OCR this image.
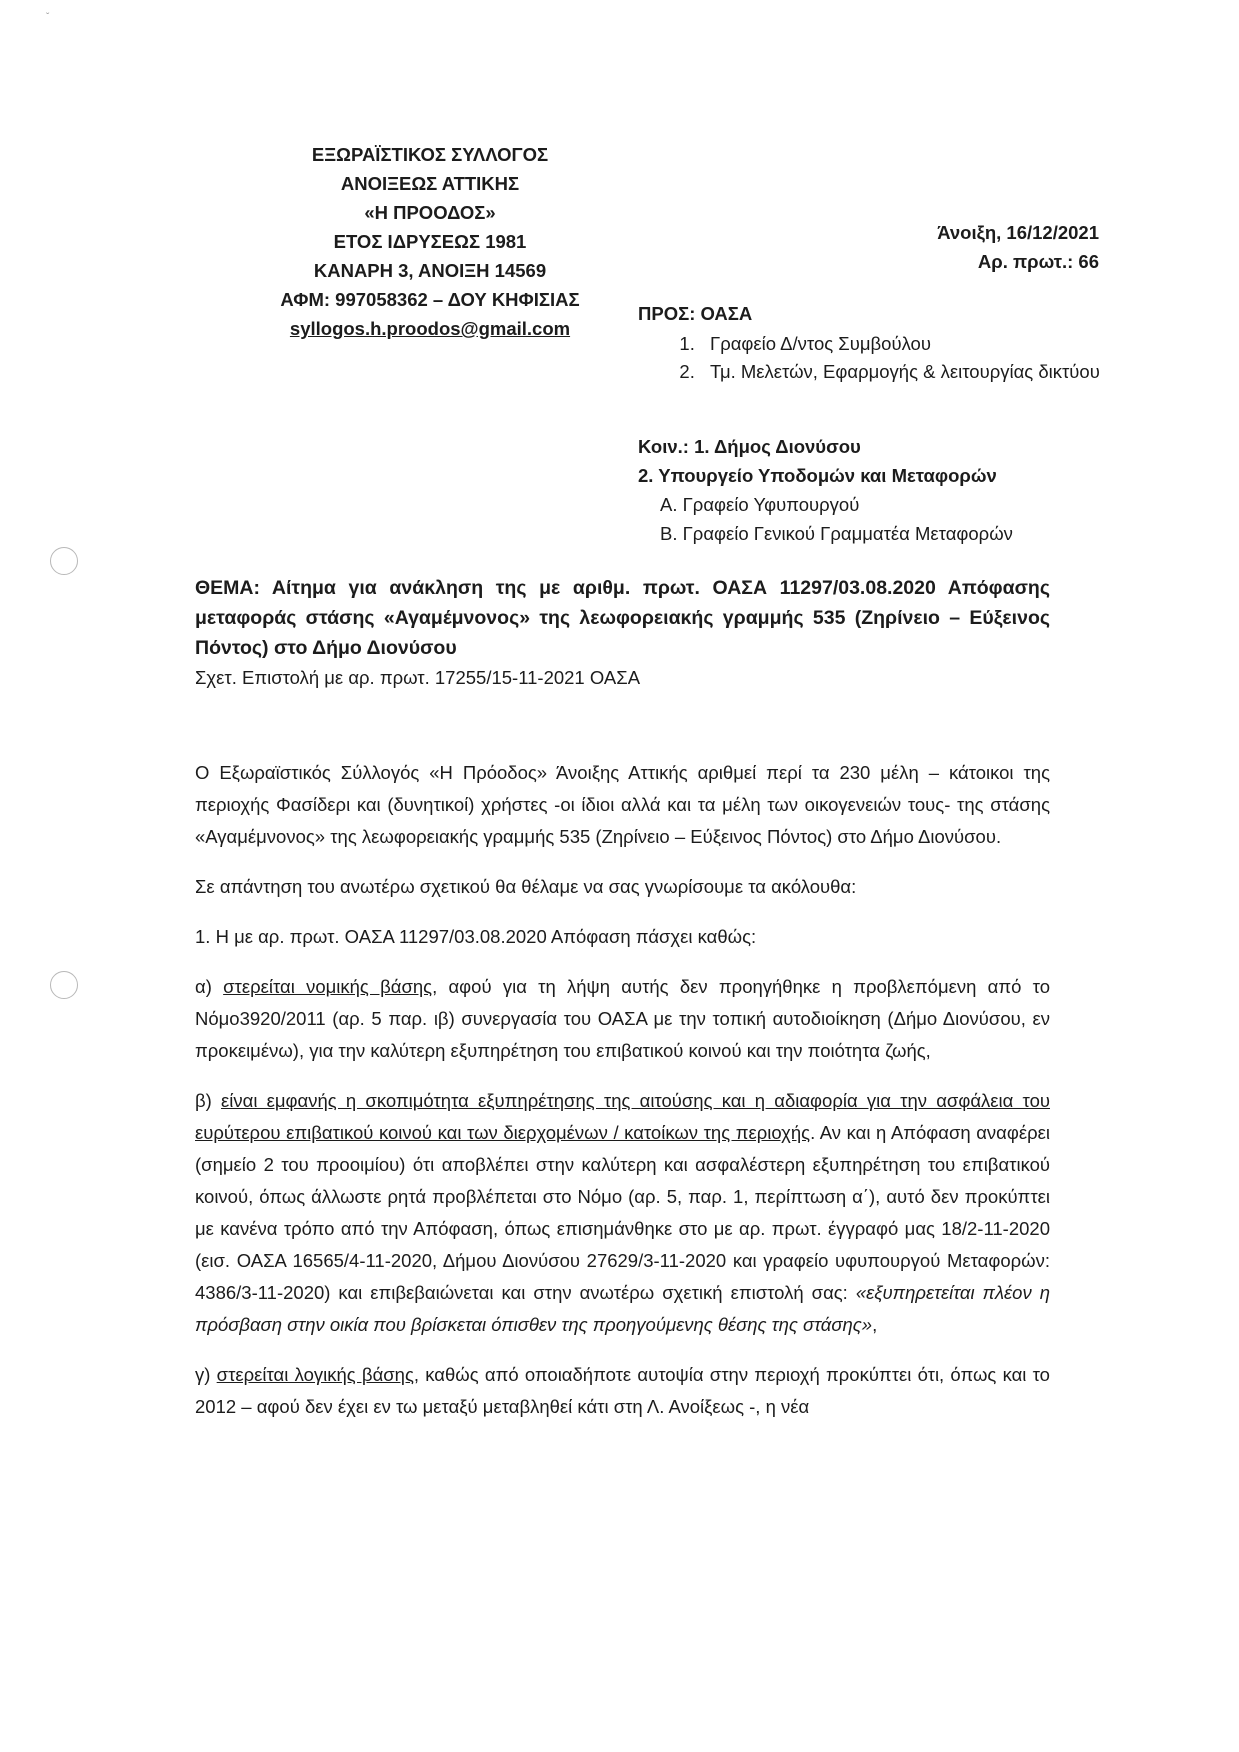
ˇ
ΕΞΩΡΑΪΣΤΙΚΟΣ ΣΥΛΛΟΓΟΣ
ΑΝΟΙΞΕΩΣ ΑΤΤΙΚΗΣ
«Η ΠΡΟΟΔΟΣ»
ΕΤΟΣ ΙΔΡΥΣΕΩΣ 1981
ΚΑΝΑΡΗ 3, ΑΝΟΙΞΗ 14569
ΑΦΜ: 997058362 – ΔΟΥ ΚΗΦΙΣΙΑΣ
syllogos.h.proodos@gmail.com
Άνοιξη, 16/12/2021
Αρ. πρωτ.: 66
ΠΡΟΣ: ΟΑΣΑ
1. Γραφείο Δ/ντος Συμβούλου
2. Τμ. Μελετών, Εφαρμογής & λειτουργίας δικτύου
Κοιν.: 1. Δήμος Διονύσου
2. Υπουργείο Υποδομών και Μεταφορών
Α. Γραφείο Υφυπουργού
Β. Γραφείο Γενικού Γραμματέα Μεταφορών
ΘΕΜΑ: Αίτημα για ανάκληση της με αριθμ. πρωτ. ΟΑΣΑ 11297/03.08.2020 Απόφασης μεταφοράς στάσης «Αγαμέμνονος» της λεωφορειακής γραμμής 535 (Ζηρίνειο – Εύξεινος Πόντος) στο Δήμο Διονύσου
Σχετ. Επιστολή με αρ. πρωτ. 17255/15-11-2021 ΟΑΣΑ

Ο Εξωραϊστικός Σύλλογός «Η Πρόοδος» Άνοιξης Αττικής αριθμεί περί τα 230 μέλη – κάτοικοι της περιοχής Φασίδερι και (δυνητικοί) χρήστες -οι ίδιοι αλλά και τα μέλη των οικογενειών τους- της στάσης «Αγαμέμνονος» της λεωφορειακής γραμμής 535 (Ζηρίνειο – Εύξεινος Πόντος) στο Δήμο Διονύσου.

Σε απάντηση του ανωτέρω σχετικού θα θέλαμε να σας γνωρίσουμε τα ακόλουθα:

1. Η με αρ. πρωτ. ΟΑΣΑ 11297/03.08.2020 Απόφαση πάσχει καθώς:

α) στερείται νομικής βάσης, αφού για τη λήψη αυτής δεν προηγήθηκε η προβλεπόμενη από το Νόμο3920/2011 (αρ. 5 παρ. ιβ) συνεργασία του ΟΑΣΑ με την τοπική αυτοδιοίκηση (Δήμο Διονύσου, εν προκειμένω), για την καλύτερη εξυπηρέτηση του επιβατικού κοινού και την ποιότητα ζωής,

β) είναι εμφανής η σκοπιμότητα εξυπηρέτησης της αιτούσης και η αδιαφορία για την ασφάλεια του ευρύτερου επιβατικού κοινού και των διερχομένων / κατοίκων της περιοχής. Αν και η Απόφαση αναφέρει (σημείο 2 του προοιμίου) ότι αποβλέπει στην καλύτερη και ασφαλέστερη εξυπηρέτηση του επιβατικού κοινού, όπως άλλωστε ρητά προβλέπεται στο Νόμο (αρ. 5, παρ. 1, περίπτωση α΄), αυτό δεν προκύπτει με κανένα τρόπο από την Απόφαση, όπως επισημάνθηκε στο με αρ. πρωτ. έγγραφό μας 18/2-11-2020 (εισ. ΟΑΣΑ 16565/4-11-2020, Δήμου Διονύσου 27629/3-11-2020 και γραφείο υφυπουργού Μεταφορών: 4386/3-11-2020) και επιβεβαιώνεται και στην ανωτέρω σχετική επιστολή σας: «εξυπηρετείται πλέον η πρόσβαση στην οικία που βρίσκεται όπισθεν της προηγούμενης θέσης της στάσης»,

γ) στερείται λογικής βάσης, καθώς από οποιαδήποτε αυτοψία στην περιοχή προκύπτει ότι, όπως και το 2012 – αφού δεν έχει εν τω μεταξύ μεταβληθεί κάτι στη Λ. Ανοίξεως -, η νέα
